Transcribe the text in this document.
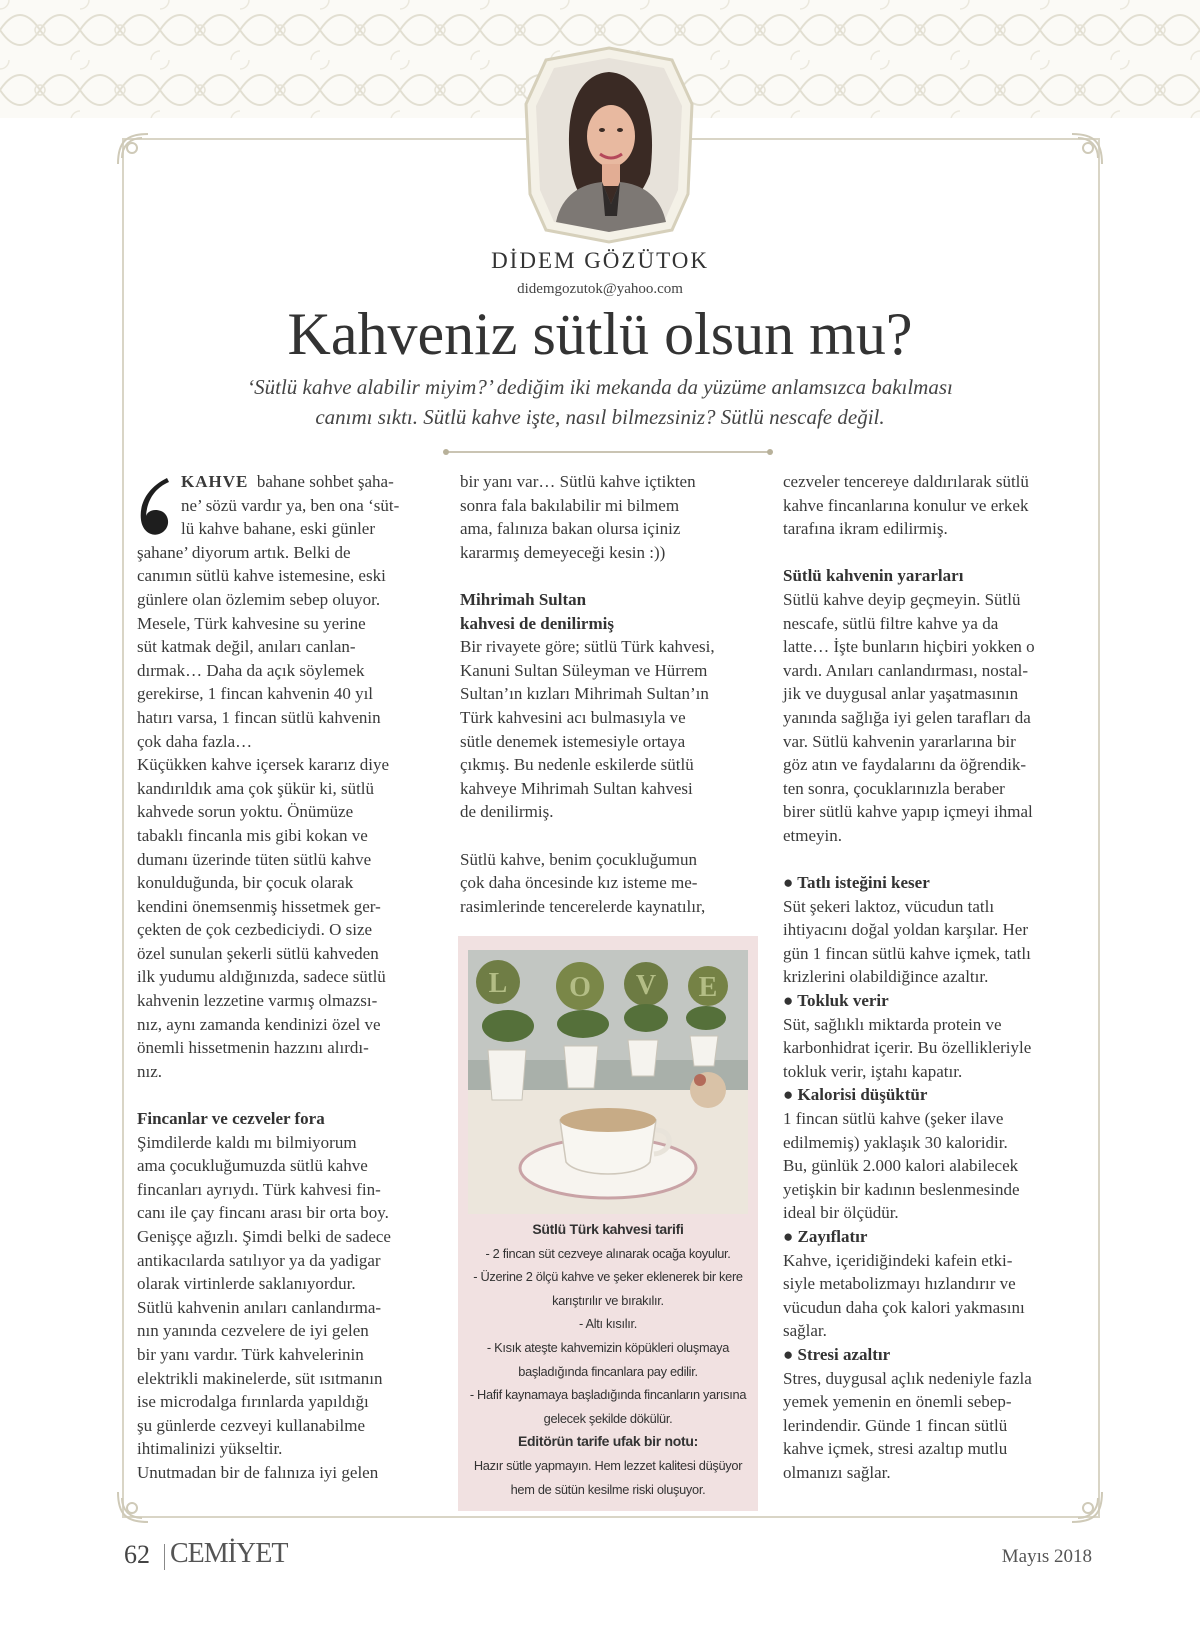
DİDEM GÖZÜTOK
didemgozutok@yahoo.com
Kahveniz sütlü olsun mu?
‘Sütlü kahve alabilir miyim?’ dediğim iki mekanda da yüzüme anlamsızca bakılması
canımı sıktı. Sütlü kahve işte, nasıl bilmezsiniz? Sütlü nescafe değil.

KAHVE bahane sohbet şaha-
ne’ sözü vardır ya, ben ona ‘süt-
lü kahve bahane, eski günler
şahane’ diyorum artık. Belki de
canımın sütlü kahve istemesine, eski
günlere olan özlemim sebep oluyor.
Mesele, Türk kahvesine su yerine
süt katmak değil, anıları canlan-
dırmak… Daha da açık söylemek
gerekirse, 1 fincan kahvenin 40 yıl
hatırı varsa, 1 fincan sütlü kahvenin
çok daha fazla…
Küçükken kahve içersek kararız diye
kandırıldık ama çok şükür ki, sütlü
kahvede sorun yoktu. Önümüze
tabaklı fincanla mis gibi kokan ve
dumanı üzerinde tüten sütlü kahve
konulduğunda, bir çocuk olarak
kendini önemsenmiş hissetmek ger-
çekten de çok cezbediciydi. O size
özel sunulan şekerli sütlü kahveden
ilk yudumu aldığınızda, sadece sütlü
kahvenin lezzetine varmış olmazsı-
nız, aynı zamanda kendinizi özel ve
önemli hissetmenin hazzını alırdı-
nız.

Fincanlar ve cezveler fora

Şimdilerde kaldı mı bilmiyorum
ama çocukluğumuzda sütlü kahve
fincanları ayrıydı. Türk kahvesi fin-
canı ile çay fincanı arası bir orta boy.
Genişçe ağızlı. Şimdi belki de sadece
antikacılarda satılıyor ya da yadigar
olarak virtinlerde saklanıyordur.
Sütlü kahvenin anıları canlandırma-
nın yanında cezvelere de iyi gelen
bir yanı vardır. Türk kahvelerinin
elektrikli makinelerde, süt ısıtmanın
ise microdalga fırınlarda yapıldığı
şu günlerde cezveyi kullanabilme
ihtimalinizi yükseltir.
Unutmadan bir de falınıza iyi gelen

bir yanı var… Sütlü kahve içtikten
sonra fala bakılabilir mi bilmem
ama, falınıza bakan olursa içiniz
kararmış demeyeceği kesin :))

Mihrimah Sultan
kahvesi de denilirmiş

Bir rivayete göre; sütlü Türk kahvesi,
Kanuni Sultan Süleyman ve Hürrem
Sultan’ın kızları Mihrimah Sultan’ın
Türk kahvesini acı bulmasıyla ve
sütle denemek istemesiyle ortaya
çıkmış. Bu nedenle eskilerde sütlü
kahveye Mihrimah Sultan kahvesi
de denilirmiş.

Sütlü kahve, benim çocukluğumun
çok daha öncesinde kız isteme me-
rasimlerinde tencerelerde kaynatılır,

L O V E
Sütlü Türk kahvesi tarifi
- 2 fincan süt cezveye alınarak ocağa koyulur.
- Üzerine 2 ölçü kahve ve şeker eklenerek bir kere
karıştırılır ve bırakılır.
- Altı kısılır.
- Kısık ateşte kahvemizin köpükleri oluşmaya
başladığında fincanlara pay edilir.
- Hafif kaynamaya başladığında fincanların yarısına
gelecek şekilde dökülür.
Editörün tarife ufak bir notu:
Hazır sütle yapmayın. Hem lezzet kalitesi düşüyor
hem de sütün kesilme riski oluşuyor.

cezveler tencereye daldırılarak sütlü
kahve fincanlarına konulur ve erkek
tarafına ikram edilirmiş.

Sütlü kahvenin yararları

Sütlü kahve deyip geçmeyin. Sütlü
nescafe, sütlü filtre kahve ya da
latte… İşte bunların hiçbiri yokken o
vardı. Anıları canlandırması, nostal-
jik ve duygusal anlar yaşatmasının
yanında sağlığa iyi gelen tarafları da
var. Sütlü kahvenin yararlarına bir
göz atın ve faydalarını da öğrendik-
ten sonra, çocuklarınızla beraber
birer sütlü kahve yapıp içmeyi ihmal
etmeyin.

● Tatlı isteğini keser

Süt şekeri laktoz, vücudun tatlı
ihtiyacını doğal yoldan karşılar. Her
gün 1 fincan sütlü kahve içmek, tatlı
krizlerini olabildiğince azaltır.

● Tokluk verir

Süt, sağlıklı miktarda protein ve
karbonhidrat içerir. Bu özellikleriyle
tokluk verir, iştahı kapatır.

● Kalorisi düşüktür

1 fincan sütlü kahve (şeker ilave
edilmemiş) yaklaşık 30 kaloridir.
Bu, günlük 2.000 kalori alabilecek
yetişkin bir kadının beslenmesinde
ideal bir ölçüdür.

● Zayıflatır

Kahve, içeridiğindeki kafein etki-
siyle metabolizmayı hızlandırır ve
vücudun daha çok kalori yakmasını
sağlar.

● Stresi azaltır

Stres, duygusal açlık nedeniyle fazla
yemek yemenin en önemli sebep-
lerindendir. Günde 1 fincan sütlü
kahve içmek, stresi azaltıp mutlu
olmanızı sağlar.

62 CEMİYET	Mayıs 2018
